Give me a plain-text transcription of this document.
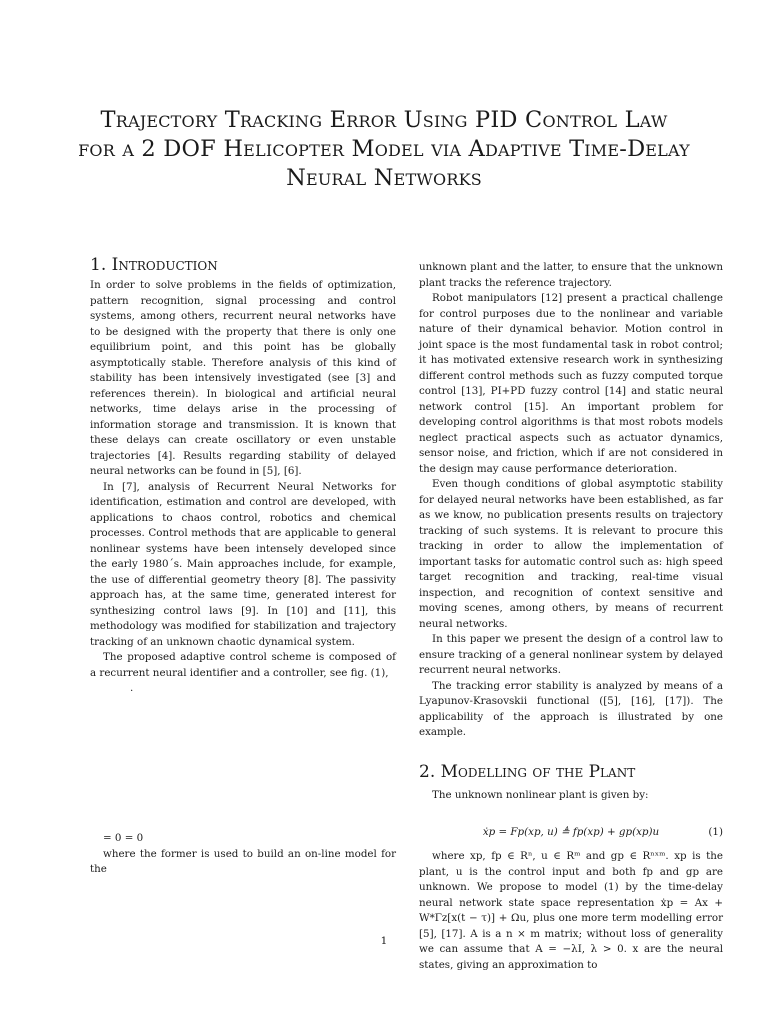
Trajectory Tracking Error Using PID Control Law
for a 2 DOF Helicopter Model via Adaptive Time-Delay
Neural Networks
1. Introduction

In order to solve problems in the fields of optimization, pattern recognition, signal processing and control systems, among others, recurrent neural networks have to be designed with the property that there is only one equilibrium point, and this point has be globally asymptotically stable. Therefore analysis of this kind of stability has been intensively investigated (see [3] and references therein). In biological and artificial neural networks, time delays arise in the processing of information storage and transmission. It is known that these delays can create oscillatory or even unstable trajectories [4]. Results regarding stability of delayed neural networks can be found in [5], [6].

In [7], analysis of Recurrent Neural Networks for identification, estimation and control are developed, with applications to chaos control, robotics and chemical processes. Control methods that are applicable to general nonlinear systems have been intensely developed since the early 1980´s. Main approaches include, for example, the use of differential geometry theory [8]. The passivity approach has, at the same time, generated interest for synthesizing control laws [9]. In [10] and [11], this methodology was modified for stabilization and trajectory tracking of an unknown chaotic dynamical system.

The proposed adaptive control scheme is composed of a recurrent neural identifier and a controller, see fig. (1),

.

= 0 = 0

where the former is used to build an on-line model for the

unknown plant and the latter, to ensure that the unknown plant tracks the reference trajectory.

Robot manipulators [12] present a practical challenge for control purposes due to the nonlinear and variable nature of their dynamical behavior. Motion control in joint space is the most fundamental task in robot control; it has motivated extensive research work in synthesizing different control methods such as fuzzy computed torque control [13], PI+PD fuzzy control [14] and static neural network control [15]. An important problem for developing control algorithms is that most robots models neglect practical aspects such as actuator dynamics, sensor noise, and friction, which if are not considered in the design may cause performance deterioration.

Even though conditions of global asymptotic stability for delayed neural networks have been established, as far as we know, no publication presents results on trajectory tracking of such systems. It is relevant to procure this tracking in order to allow the implementation of important tasks for automatic control such as: high speed target recognition and tracking, real-time visual inspection, and recognition of context sensitive and moving scenes, among others, by means of recurrent neural networks.

In this paper we present the design of a control law to ensure tracking of a general nonlinear system by delayed recurrent neural networks.

The tracking error stability is analyzed by means of a Lyapunov-Krasovskii functional ([5], [16], [17]). The applicability of the approach is illustrated by one example.

2. Modelling of the Plant

The unknown nonlinear plant is given by:

ẋp = Fp(xp, u) ≜ fp(xp) + gp(xp)u	(1)

where xp, fp ∈ Rⁿ, u ∈ Rᵐ and gp ∈ Rⁿˣᵐ. xp is the plant, u is the control input and both fp and gp are unknown. We propose to model (1) by the time-delay neural network state space representation ẋp = Ax + W*Γz[x(t − τ)] + Ωu, plus one more term modelling error [5], [17]. A is a n × m matrix; without loss of generality we can assume that A = −λI, λ > 0. x are the neural states, giving an approximation to

1
